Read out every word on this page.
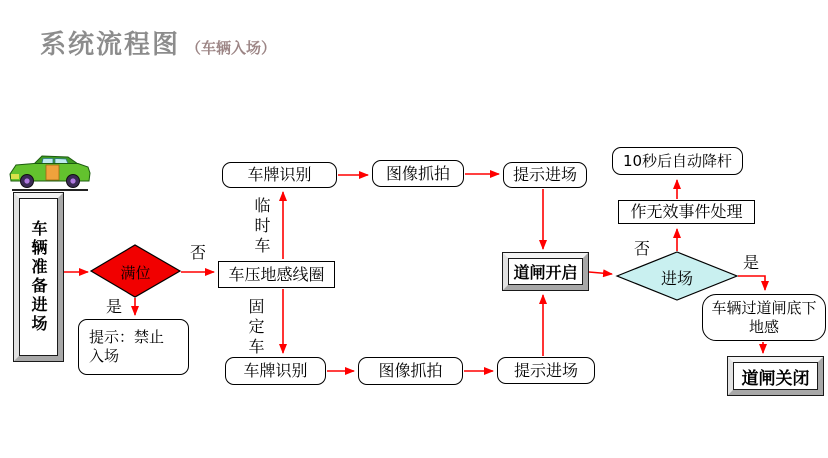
系统流程图 （车辆入场）
车辆准备进场	满位
提示：禁止入场
车压地感线圈
车牌识别	图像抓拍	提示进场
车牌识别	图像抓拍	提示进场
道闸开启	进场
作无效事件处理
10秒后自动降杆
车辆过道闸底下地感
道闸关闭
否
是
临时车
固定车
否
是
